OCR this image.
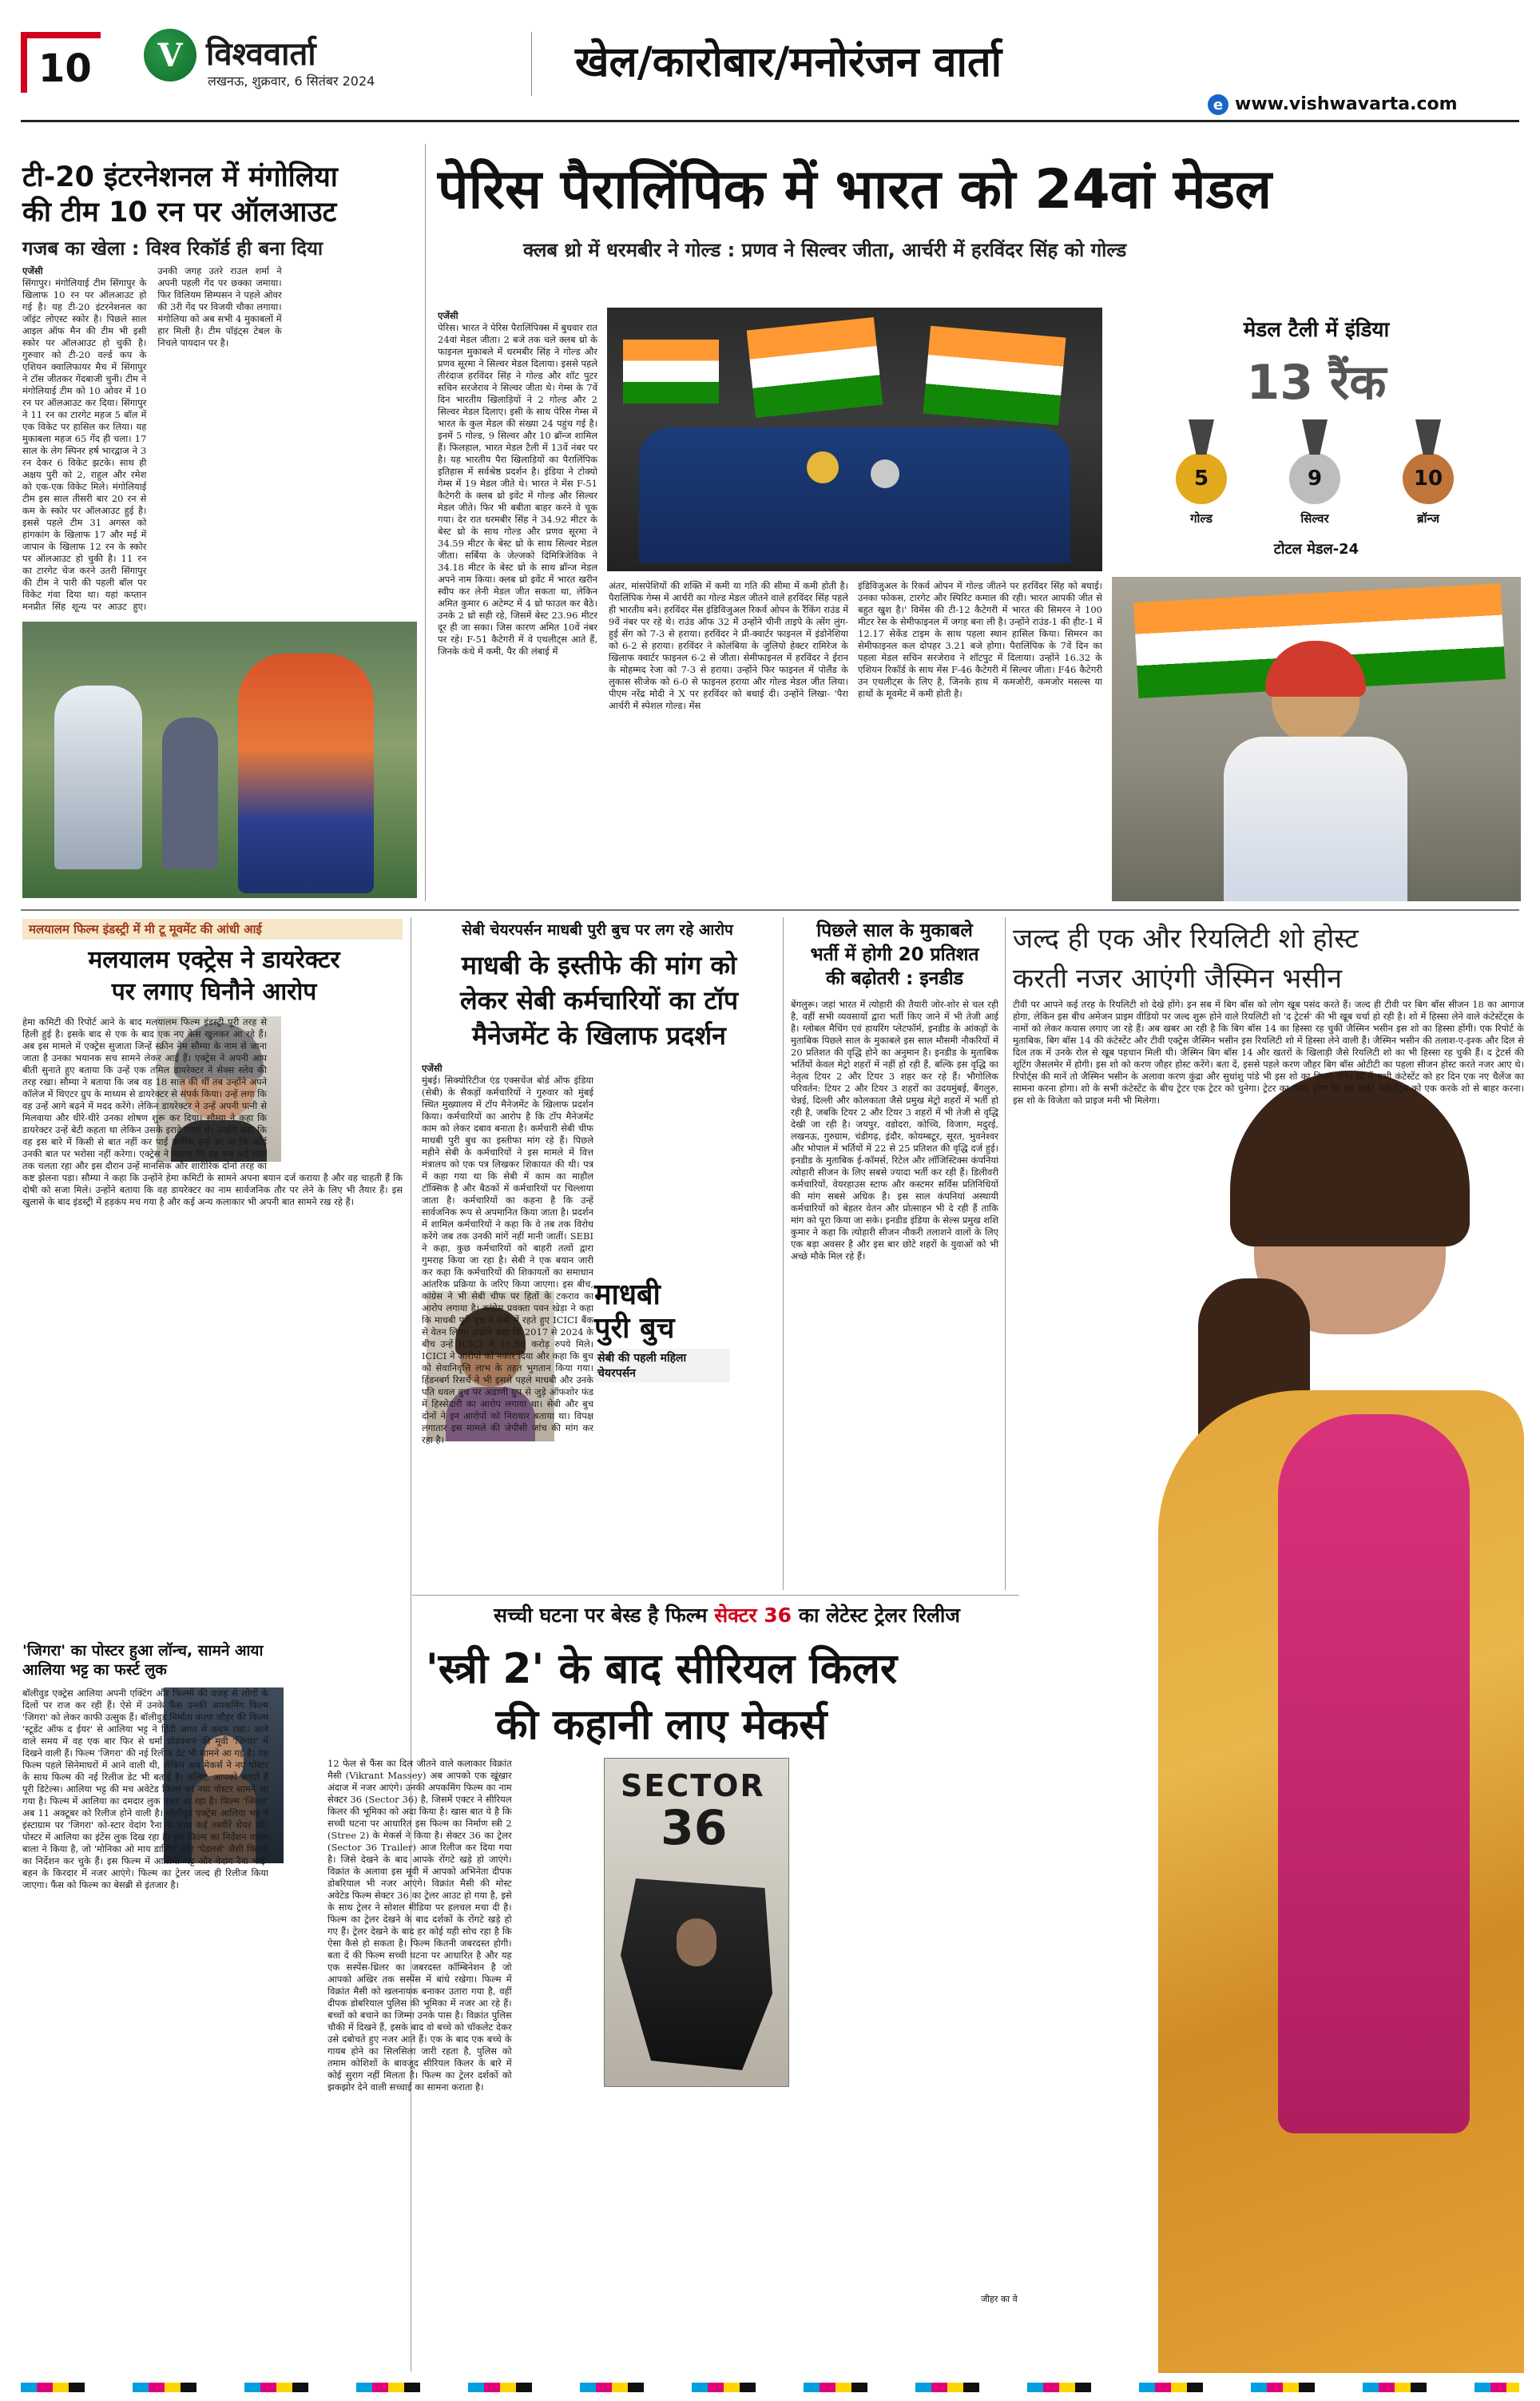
10 V विश्ववार्ता
लखनऊ, शुक्रवार, 6 सितंबर 2024	खेल/कारोबार/मनोरंजन वार्ता
e www.vishwavarta.com
टी-20 इंटरनेशनल में मंगोलिया
की टीम 10 रन पर ऑलआउट
गजब का खेला : विश्व रिकॉर्ड ही बना दिया
एजेंसी
सिंगापुर। मंगोलियाई टीम सिंगापुर के खिलाफ 10 रन पर ऑलआउट हो गई है। यह टी-20 इंटरनेशनल का जॉइंट लोएस्ट स्कोर है। पिछले साल आइल ऑफ मैन की टीम भी इसी स्कोर पर ऑलआउट हो चुकी है। गुरुवार को टी-20 वर्ल्ड कप के एशियन क्वालिफायर मैच में सिंगापुर ने टॉस जीतकर गेंदबाजी चुनी। टीम ने मंगोलियाई टीम को 10 ओवर में 10 रन पर ऑलआउट कर दिया। सिंगापुर ने 11 रन का टारगेट महज 5 बॉल में एक विकेट पर हासिल कर लिया। यह मुकाबला महज 65 गेंद ही चला। 17 साल के लेग स्पिनर हर्ष भारद्वाज ने 3 रन देकर 6 विकेट झटके। साथ ही अक्षय पुरी को 2, राहुल और रमेश को एक-एक विकेट मिले। मंगोलियाई टीम इस साल तीसरी बार 20 रन से कम के स्कोर पर ऑलआउट हुई है। इससे पहले टीम 31 अगस्त को हांगकांग के खिलाफ 17 और मई में जापान के खिलाफ 12 रन के स्कोर पर ऑलआउट हो चुकी है। 11 रन का टारगेट चेज करने उतरी सिंगापुर की टीम ने पारी की पहली बॉल पर विकेट गंवा दिया था। यहां कप्तान मनप्रीत सिंह शून्य पर आउट हुए। उनकी जगह उतरे राउल शर्मा ने अपनी पहली गेंद पर छक्का जमाया। फिर विलियम सिम्पसन ने पहले ओवर की 3री गेंद पर विजयी चौका लगाया। मंगोलिया को अब सभी 4 मुकाबलों में हार मिली है। टीम पॉइंट्स टेबल के निचले पायदान पर है।
पेरिस पैरालिंपिक में भारत को 24वां मेडल
क्लब थ्रो में धरमबीर ने गोल्ड : प्रणव ने सिल्वर जीता, आर्चरी में हरविंदर सिंह को गोल्ड
एजेंसी
पेरिस। भारत ने पेरिस पैरालिंपिक्स में बुधवार रात 24वां मेडल जीता। 2 बजे तक चले क्लब थ्रो के फाइनल मुकाबले में धरमबीर सिंह ने गोल्ड और प्रणव सूरमा ने सिल्वर मेडल दिलाया। इससे पहले तीरंदाज हरविंदर सिंह ने गोल्ड और शॉट पुटर सचिन सरजेराव ने सिल्वर जीता थे। गेम्स के 7वें दिन भारतीय खिलाड़ियों ने 2 गोल्ड और 2 सिल्वर मेडल दिलाए। इसी के साथ पेरिस गेम्स में भारत के कुल मेडल की संख्या 24 पहुंच गई है। इनमें 5 गोल्ड, 9 सिल्वर और 10 ब्रॉन्ज शामिल हैं। फिलहाल, भारत मेडल टैली में 13वें नंबर पर है। यह भारतीय पैरा खिलाड़ियों का पैरालिंपिक इतिहास में सर्वश्रेष्ठ प्रदर्शन है। इंडिया ने टोक्यो गेम्स में 19 मेडल जीते थे। भारत ने मेंस F-51 कैटेगरी के क्लब थ्रो इवेंट में गोल्ड और सिल्वर मेडल जीते। फिर भी बबीता बाहर करने वे चूक गया। देर रात धरमबीर सिंह ने 34.92 मीटर के बेस्ट थ्रो के साथ गोल्ड और प्रणव सूरमा ने 34.59 मीटर के बेस्ट थ्रो के साथ सिल्वर मेडल जीता। सर्बिया के जेल्जको दिमित्रिजेविक ने 34.18 मीटर के बेस्ट थ्रो के साथ ब्रॉन्ज मेडल अपने नाम किया। क्लब थ्रो इवेंट में भारत खरीन स्वीप कर लेनी मेडल जीत सकता था, लेकिन अमित कुमार 6 अटेम्प्ट में 4 थ्रो फाउल कर बैठे। उनके 2 थ्रो सही रहे, जिसमें बेस्ट 23.96 मीटर दूर ही जा सका। जिस कारण अमित 10वें नंबर पर रहे। F-51 कैटेगरी में वे एथलीट्स आते हैं, जिनके कंधे में कमी, पैर की लंबाई में
अंतर, मांसपेशियों की शक्ति में कमी या गति की सीमा में कमी होती है। पैरालिंपिक गेम्स में आर्चरी का गोल्ड मेडल जीतने वाले हरविंदर सिंह पहले ही भारतीय बने। हरविंदर मेंस इंडिविजुअल रिकर्व ओपन के रैंकिंग राउंड में 9वें नंबर पर रहे थे। राउंड ऑफ 32 में उन्होंने चीनी ताइपे के त्सेंग लुंग-हुई सेंग को 7-3 से हराया। हरविंदर ने प्री-क्वार्टर फाइनल में इंडोनेशिया को 6-2 से हराया। हरविंदर ने कोलंबिया के जुलियो हेक्टर रामिरेज के खिलाफ क्वार्टर फाइनल 6-2 से जीता। सेमीफाइनल में हरविंदर ने ईरान के मोहम्मद रेजा को 7-3 से हराया। उन्होंने फिर फाइनल में पोलैंड के लुकास सीजेक को 6-0 से फाइनल हराया और गोल्ड मेडल जीत लिया। पीएम नरेंद्र मोदी ने X पर हरविंदर को बधाई दी। उन्होंने लिखा- 'पैरा आर्चरी में स्पेशल गोल्ड। मेंस
इंडिविजुअल के रिकर्व ओपन में गोल्ड जीतने पर हरविंदर सिंह को बधाई। उनका फोकस, टारगेट और स्पिरिट कमाल की रही। भारत आपकी जीत से बहुत खुश है।' विमेंस की टी-12 कैटेगरी में भारत की सिमरन ने 100 मीटर रेस के सेमीफाइनल में जगह बना ली है। उन्होंने राउंड-1 की हीट-1 में 12.17 सेकेंड टाइम के साथ पहला स्थान हासिल किया। सिमरन का सेमीफाइनल कल दोपहर 3.21 बजे होगा। पैरालिंपिक के 7वें दिन का पहला मेडल सचिन सरजेराव ने शॉटपुट में दिलाया। उन्होंने 16.32 के एशियन रिकॉर्ड के साथ मेंस F-46 कैटेगरी में सिल्वर जीता। F46 कैटेगरी उन एथलीट्स के लिए है, जिनके हाथ में कमजोरी, कमजोर मसल्स या हाथों के मूवमेंट में कमी होती है।
मेडल टैली में इंडिया
13 रैंक
5	9	10
गोल्ड	सिल्वर	ब्रॉन्ज
टोटल मेडल-24
मलयालम फिल्म इंडस्ट्री में मी टू मूवमेंट की आंधी आई
मलयालम एक्ट्रेस ने डायरेक्टर
पर लगाए घिनौने आरोप
हेमा कमिटी की रिपोर्ट आने के बाद मलयालम फिल्म इंडस्ट्री पूरी तरह से हिली हुई है। इसके बाद से एक के बाद एक नए केस खुलकर आ रहे हैं। अब इस मामले में एक्ट्रेस सुजाता जिन्हें स्क्रीन नेम सौम्या के नाम से जाना जाता है उनका भयानक सच सामने लेकर आई हैं। एक्ट्रेस ने अपनी आप बीती सुनाते हुए बताया कि उन्हें एक तमिल डायरेक्टर ने सेक्स स्लेव की तरह रखा। सौम्या ने बताया कि जब वह 18 साल की थीं तब उन्होंने अपने कॉलेज में थिएटर ग्रुप के माध्यम से डायरेक्टर से संपर्क किया। उन्हें लगा कि वह उन्हें आगे बढ़ने में मदद करेंगे। लेकिन डायरेक्टर ने उन्हें अपनी पत्नी से मिलवाया और धीरे-धीरे उनका शोषण शुरू कर दिया। सौम्या ने कहा कि डायरेक्टर उन्हें बेटी कहता था लेकिन उसके इरादे गलत थे। उन्होंने कहा कि वह इस बारे में किसी से बात नहीं कर पाईं क्योंकि उन्हें डर था कि कोई उनकी बात पर भरोसा नहीं करेगा। एक्ट्रेस ने बताया कि यह सब कई साल तक चलता रहा और इस दौरान उन्हें मानसिक और शारीरिक दोनों तरह का कष्ट झेलना पड़ा। सौम्या ने कहा कि उन्होंने हेमा कमिटी के सामने अपना बयान दर्ज कराया है और वह चाहती हैं कि दोषी को सजा मिले। उन्होंने बताया कि वह डायरेक्टर का नाम सार्वजनिक तौर पर लेने के लिए भी तैयार हैं। इस खुलासे के बाद इंडस्ट्री में हड़कंप मच गया है और कई अन्य कलाकार भी अपनी बात सामने रख रहे हैं।
'जिगरा' का पोस्टर हुआ लॉन्च, सामने आया
आलिया भट्ट का फर्स्ट लुक
बॉलीवुड एक्ट्रेस आलिया अपनी एक्टिंग और फिल्मों की वजह से लोगों के दिलों पर राज कर रही हैं। ऐसे में उनके फैंस उनकी अपकमिंग फिल्म 'जिगरा' को लेकर काफी उत्सुक हैं। बॉलीवुड निर्माता करण जौहर की फिल्म 'स्टूडेंट ऑफ द ईयर' से आलिया भट्ट ने हिंदी जगत में कदम रखा। आने वाले समय में वह एक बार फिर से धर्मा प्रोडक्शन की मूवी 'जिगरा' में दिखने वाली हैं। फिल्म 'जिगरा' की नई रिलीज डेट भी सामने आ गई है। यह फिल्म पहले सिनेमाघरों में आने वाली थी, लेकिन अब मेकर्स ने नए पोस्टर के साथ फिल्म की नई रिलीज डेट भी बताई है। चलिए, आपको बताते हैं पूरी डिटेल्स। आलिया भट्ट की मच अवेटेड फिल्म का नया पोस्टर सामने आ गया है। फिल्म में आलिया का दमदार लुक नजर आ रहा है। फिल्म 'जिगरा' अब 11 अक्टूबर को रिलीज होने वाली है। बॉलीवुड एक्ट्रेस आलिया भट्ट ने इंस्टाग्राम पर 'जिगरा' को-स्टार वेदांग रैना के साथ कई तस्वीरें शेयर कीं। पोस्टर में आलिया का इंटेंस लुक दिख रहा है। इस फिल्म का निर्देशन वासन बाला ने किया है, जो 'मोनिका ओ माय डार्लिंग' और 'पेडलर्स' जैसी फिल्मों का निर्देशन कर चुके हैं। इस फिल्म में आलिया भट्ट और वेदांग रैना भाई-बहन के किरदार में नजर आएंगे। फिल्म का ट्रेलर जल्द ही रिलीज किया जाएगा। फैंस को फिल्म का बेसब्री से इंतजार है।
सेबी चेयरपर्सन माधबी पुरी बुच पर लग रहे आरोप
माधबी के इस्तीफे की मांग को
लेकर सेबी कर्मचारियों का टॉप
मैनेजमेंट के खिलाफ प्रदर्शन
माधबी पुरी बुच
सेबी की पहली महिला चेयरपर्सन
एजेंसी
मुंबई। सिक्योरिटीज एंड एक्सचेंज बोर्ड ऑफ इंडिया (सेबी) के सैकड़ों कर्मचारियों ने गुरुवार को मुंबई स्थित मुख्यालय में टॉप मैनेजमेंट के खिलाफ प्रदर्शन किया। कर्मचारियों का आरोप है कि टॉप मैनेजमेंट काम को लेकर दबाव बनाता है। कर्मचारी सेबी चीफ माधबी पुरी बुच का इस्तीफा मांग रहे हैं। पिछले महीने सेबी के कर्मचारियों ने इस मामले में वित्त मंत्रालय को एक पत्र लिखकर शिकायत की थी। पत्र में कहा गया था कि सेबी में काम का माहौल टॉक्सिक है और बैठकों में कर्मचारियों पर चिल्लाया जाता है। कर्मचारियों का कहना है कि उन्हें सार्वजनिक रूप से अपमानित किया जाता है। प्रदर्शन में शामिल कर्मचारियों ने कहा कि वे तब तक विरोध करेंगे जब तक उनकी मांगें नहीं मानी जातीं। SEBI ने कहा, कुछ कर्मचारियों को बाहरी तत्वों द्वारा गुमराह किया जा रहा है। सेबी ने एक बयान जारी कर कहा कि कर्मचारियों की शिकायतों का समाधान आंतरिक प्रक्रिया के जरिए किया जाएगा। इस बीच, कांग्रेस ने भी सेबी चीफ पर हितों के टकराव का आरोप लगाया है। कांग्रेस प्रवक्ता पवन खेड़ा ने कहा कि माधबी पुरी बुच ने सेबी में रहते हुए ICICI बैंक से वेतन लिया। उन्होंने कहा कि 2017 से 2024 के बीच उन्हें ICICI से 16.80 करोड़ रुपये मिले। ICICI ने आरोपों को नकार दिया और कहा कि बुच को सेवानिवृत्ति लाभ के तहत भुगतान किया गया। हिंडनबर्ग रिसर्च ने भी इससे पहले माधबी और उनके पति धवल बुच पर अडाणी ग्रुप से जुड़े ऑफशोर फंड में हिस्सेदारी का आरोप लगाया था। सेबी और बुच दोनों ने इन आरोपों को निराधार बताया था। विपक्ष लगातार इस मामले की जेपीसी जांच की मांग कर रहा है।
पिछले साल के मुकाबले
भर्ती में होगी 20 प्रतिशत
की बढ़ोतरी : इनडीड
बेंगलुरू। जहां भारत में त्योहारी की तैयारी जोर-शोर से चल रही है, वहीं सभी व्यवसायों द्वारा भर्ती किए जाने में भी तेजी आई है। ग्लोबल मैचिंग एवं हायरिंग प्लेटफॉर्म, इनडीड के आंकड़ों के मुताबिक पिछले साल के मुकाबले इस साल मौसमी नौकरियों में 20 प्रतिशत की वृद्धि होने का अनुमान है। इनडीड के मुताबिक भर्तियों केवल मेट्रो शहरों में नहीं हो रही हैं, बल्कि इस वृद्धि का नेतृत्व टियर 2 और टियर 3 शहर कर रहे हैं। भौगोलिक परिवर्तन: टियर 2 और टियर 3 शहरों का उदयमुंबई, बैंगलुरु, चेन्नई, दिल्ली और कोलकाता जैसे प्रमुख मेट्रो शहरों में भर्ती हो रही है, जबकि टियर 2 और टियर 3 शहरों में भी तेजी से वृद्धि देखी जा रही है। जयपुर, वडोदरा, कोच्चि, विजाग, मदुरई, लखनऊ, गुरुग्राम, चंडीगढ़, इंदौर, कोयम्बटूर, सूरत, भुवनेश्वर और भोपाल में भर्तियों में 22 से 25 प्रतिशत की वृद्धि दर्ज हुई। इनडीड के मुताबिक ई-कॉमर्स, रिटेल और लॉजिस्टिक्स कंपनियां त्योहारी सीजन के लिए सबसे ज्यादा भर्ती कर रही हैं। डिलीवरी कर्मचारियों, वेयरहाउस स्टाफ और कस्टमर सर्विस प्रतिनिधियों की मांग सबसे अधिक है। इस साल कंपनियां अस्थायी कर्मचारियों को बेहतर वेतन और प्रोत्साहन भी दे रही हैं ताकि मांग को पूरा किया जा सके। इनडीड इंडिया के सेल्स प्रमुख शशि कुमार ने कहा कि त्योहारी सीजन नौकरी तलाशने वालों के लिए एक बड़ा अवसर है और इस बार छोटे शहरों के युवाओं को भी अच्छे मौके मिल रहे हैं।
जल्द ही एक और रियलिटी शो होस्ट
करती नजर आएंगी जैस्मिन भसीन
टीवी पर आपने कई तरह के रियलिटी शो देखे होंगे। इन सब में बिग बॉस को लोग खूब पसंद करते हैं। जल्द ही टीवी पर बिग बॉस सीजन 18 का आगाज होगा, लेकिन इस बीच अमेजन प्राइम वीडियो पर जल्द शुरू होने वाले रियलिटी शो 'द ट्रेटर्स' की भी खूब चर्चा हो रही है। शो में हिस्सा लेने वाले कंटेस्टेंट्स के नामों को लेकर कयास लगाए जा रहे हैं। अब खबर आ रही है कि बिग बॉस 14 का हिस्सा रह चुकीं जैस्मिन भसीन इस शो का हिस्सा होंगी। एक रिपोर्ट के मुताबिक, बिग बॉस 14 की कंटेस्टेंट और टीवी एक्ट्रेस जैस्मिन भसीन इस रियलिटी शो में हिस्सा लेने वाली हैं। जैस्मिन भसीन की तलाश-ए-इश्क और दिल से दिल तक में उनके रोल से खूब पहचान मिली थी। जैस्मिन बिग बॉस 14 और खतरों के खिलाड़ी जैसे रियलिटी शो का भी हिस्सा रह चुकी हैं। द ट्रेटर्स की शूटिंग जैसलमेर में होगी। इस शो को करण जौहर होस्ट करेंगे। बता दें, इससे पहले करण जौहर बिग बॉस ओटीटी का पहला सीजन होस्ट करते नजर आए थे। रिपोर्ट्स की मानें तो जैस्मिन भसीन के अलावा करण कुंद्रा और सुधांशु पांडे भी इस शो का हिस्सा होंगे। शो में सभी कंटेस्टेंट को हर दिन एक नए चैलेंज का सामना करना होगा। शो के सभी कंटेस्टेंट के बीच ट्रेटर एक ट्रेटर को चुनेगा। ट्रेटर का टास्क होगा कि वह बाकी कंटेस्टेंट्स को एक करके शो से बाहर करना। इस शो के विजेता को प्राइज मनी भी मिलेगा।
सच्ची घटना पर बेस्ड है फिल्म सेक्टर 36 का लेटेस्ट ट्रेलर रिलीज
'स्त्री 2' के बाद सीरियल किलर
की कहानी लाए मेकर्स
12 फेल से फैंस का दिल जीतने वाले कलाकार विक्रांत मैसी (Vikrant Massey) अब आपको एक खूंखार अंदाज में नजर आएंगे। उनकी अपकमिंग फिल्म का नाम सेक्टर 36 (Sector 36) है, जिसमें एक्टर ने सीरियल किलर की भूमिका को अदा किया है। खास बात ये है कि सच्ची घटना पर आधारित इस फिल्म का निर्माण स्त्री 2 (Stree 2) के मेकर्स ने किया है। सेक्टर 36 का ट्रेलर (Sector 36 Trailer) आज रिलीज कर दिया गया है। जिसे देखने के बाद आपके रोंगटे खड़े हो जाएंगे। विक्रांत के अलावा इस मूवी में आपको अभिनेता दीपक डोबरियाल भी नजर आएंगे। विक्रांत मैसी की मोस्ट अवेटेड फिल्म सेक्टर 36 का ट्रेलर आउट हो गया है, इसे के साथ ट्रेलर ने सोशल मीडिया पर हलचल मचा दी है। फिल्म का ट्रेलर देखने के बाद दर्शकों के रोंगटे खड़े हो गए हैं। ट्रेलर देखने के बाद हर कोई यही सोच रहा है कि ऐसा कैसे हो सकता है। फिल्म कितनी जबरदस्त होगी। बता दें की फिल्म सच्ची घटना पर आधारित है और यह एक सस्पेंस-थ्रिलर का जबरदस्त कॉम्बिनेशन है जो आपको अखिर तक सस्पेंस में बांधे रखेगा। फिल्म में विक्रांत मैसी को खलनायक बनाकर उतारा गया है, वहीं दीपक डोबरियाल पुलिस की भूमिका में नजर आ रहे हैं। बच्चों को बचाने का जिम्मा उनके पास है। विक्रांत पुलिस चौकी में दिखने हैं, इसके बाद वो बच्चे को चॉकलेट देकर उसे दबोचते हुए नजर आते हैं। एक के बाद एक बच्चे के गायब होने का सिलसिला जारी रहता है, पुलिस को तमाम कोशिशों के बावजूद सीरियल किलर के बारे में कोई सुराग नहीं मिलता है। फिल्म का ट्रेलर दर्शकों को झकझोर देने वाली सच्चाई का सामना कराता है।
SECTOR
36
जीहर का वे
